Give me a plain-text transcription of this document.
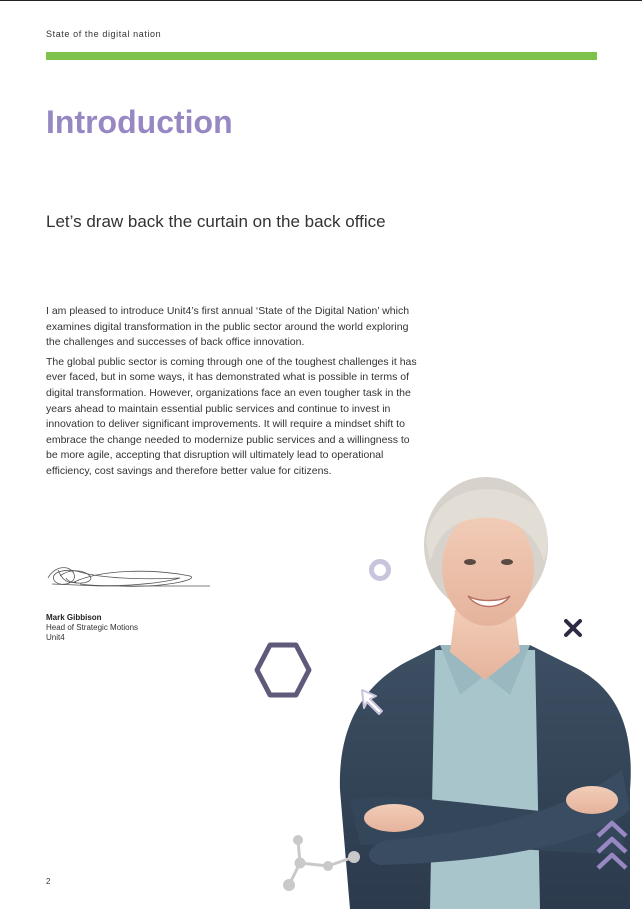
State of the digital nation
Introduction
Let’s draw back the curtain on the back office

I am pleased to introduce Unit4’s first annual ‘State of the Digital Nation’ which examines digital transformation in the public sector around the world exploring the challenges and successes of back office innovation.

The global public sector is coming through one of the toughest challenges it has ever faced, but in some ways, it has demonstrated what is possible in terms of digital transformation. However, organizations face an even tougher task in the years ahead to maintain essential public services and continue to invest in innovation to deliver significant improvements. It will require a mindset shift to embrace the change needed to modernize public services and a willingness to be more agile, accepting that disruption will ultimately lead to operational efficiency, cost savings and therefore better value for citizens.

Mark Gibbison
Head of Strategic Motions
Unit4
2
